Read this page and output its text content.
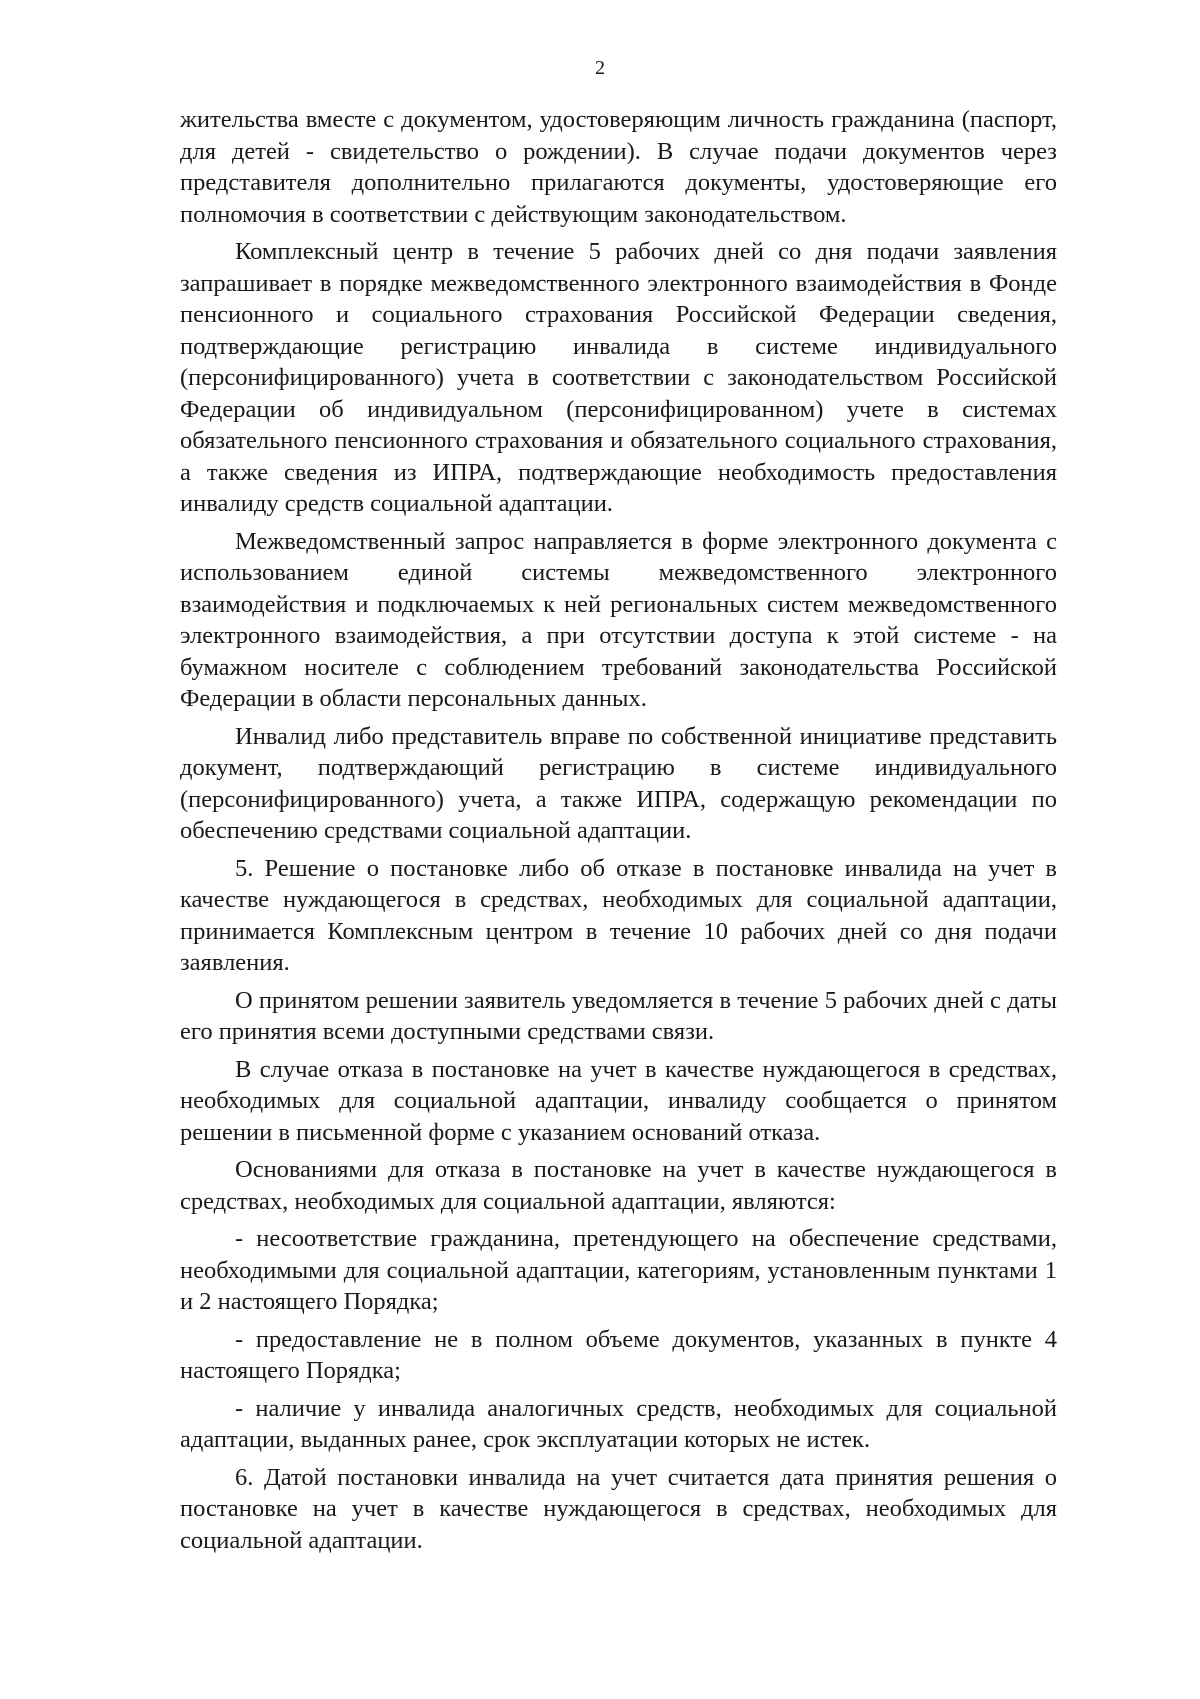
2

жительства вместе с документом, удостоверяющим личность гражданина (паспорт, для детей - свидетельство о рождении). В случае подачи документов через представителя дополнительно прилагаются документы, удостоверяющие его полномочия в соответствии с действующим законодательством.

Комплексный центр в течение 5 рабочих дней со дня подачи заявления запрашивает в порядке межведомственного электронного взаимодействия в Фонде пенсионного и социального страхования Российской Федерации сведения, подтверждающие регистрацию инвалида в системе индивидуального (персонифицированного) учета в соответствии с законодательством Российской Федерации об индивидуальном (персонифицированном) учете в системах обязательного пенсионного страхования и обязательного социального страхования, а также сведения из ИПРА, подтверждающие необходимость предоставления инвалиду средств социальной адаптации.

Межведомственный запрос направляется в форме электронного документа с использованием единой системы межведомственного электронного взаимодействия и подключаемых к ней региональных систем межведомственного электронного взаимодействия, а при отсутствии доступа к этой системе - на бумажном носителе с соблюдением требований законодательства Российской Федерации в области персональных данных.

Инвалид либо представитель вправе по собственной инициативе представить документ, подтверждающий регистрацию в системе индивидуального (персонифицированного) учета, а также ИПРА, содержащую рекомендации по обеспечению средствами социальной адаптации.

5. Решение о постановке либо об отказе в постановке инвалида на учет в качестве нуждающегося в средствах, необходимых для социальной адаптации, принимается Комплексным центром в течение 10 рабочих дней со дня подачи заявления.

О принятом решении заявитель уведомляется в течение 5 рабочих дней с даты его принятия всеми доступными средствами связи.

В случае отказа в постановке на учет в качестве нуждающегося в средствах, необходимых для социальной адаптации, инвалиду сообщается о принятом решении в письменной форме с указанием оснований отказа.

Основаниями для отказа в постановке на учет в качестве нуждающегося в средствах, необходимых для социальной адаптации, являются:

- несоответствие гражданина, претендующего на обеспечение средствами, необходимыми для социальной адаптации, категориям, установленным пунктами 1 и 2 настоящего Порядка;

- предоставление не в полном объеме документов, указанных в пункте 4 настоящего Порядка;

- наличие у инвалида аналогичных средств, необходимых для социальной адаптации, выданных ранее, срок эксплуатации которых не истек.

6. Датой постановки инвалида на учет считается дата принятия решения о постановке на учет в качестве нуждающегося в средствах, необходимых для социальной адаптации.
